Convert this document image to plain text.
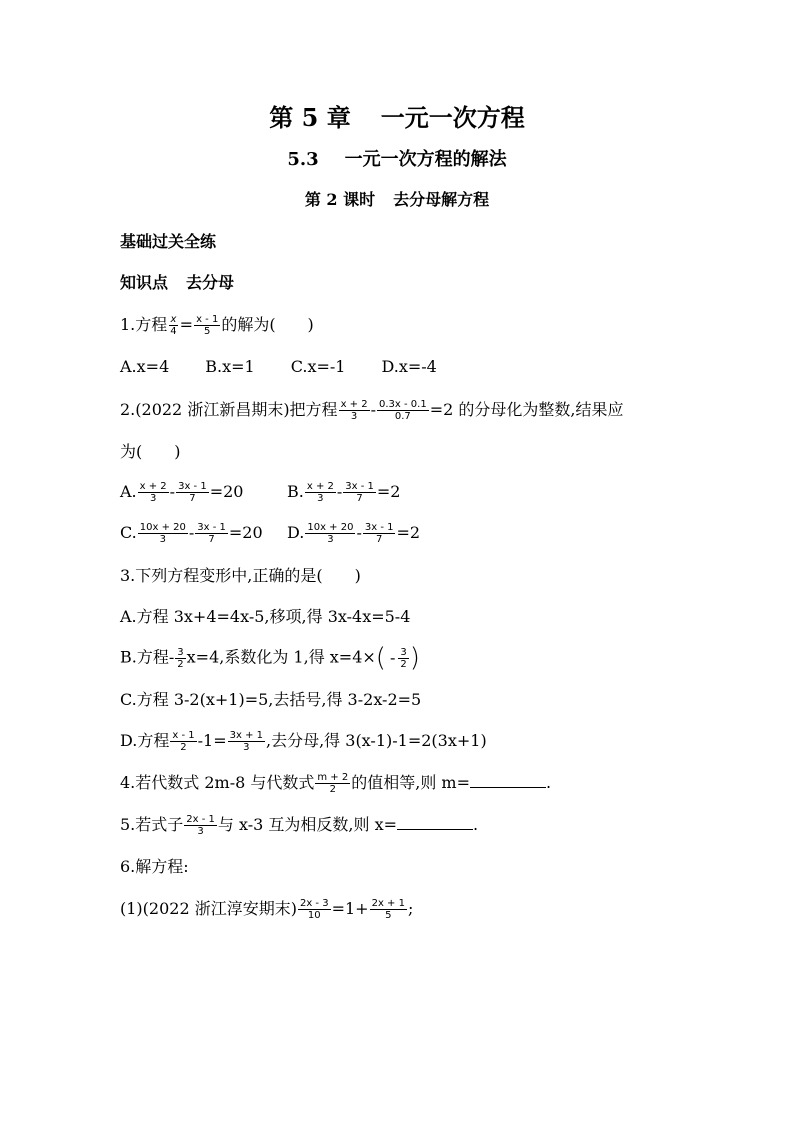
第 5 章 一元一次方程
5.3 一元一次方程的解法
第 2 课时 去分母解方程
基础过关全练
知识点 去分母
1.方程 $\frac{x}{4} = \frac{x - 1}{5}$ 的解为(　　)
A.x=4 B.x=1 C.x=-1 D.x=-4
2.(2022 浙江新昌期末)把方程 $\frac{x + 2}{3} - \frac{0.3x - 0.1}{0.7} =2$ 的分母化为整数,结果应
为(　　)
A. $\frac{x + 2}{3} - \frac{3x - 1}{7} =20$	B. $\frac{x + 2}{3} - \frac{3x - 1}{7} =2$
C. $\frac{10x + 20}{3} - \frac{3x - 1}{7} =20$ D. $\frac{10x + 20}{3} - \frac{3x - 1}{7} =2$
3.下列方程变形中,正确的是(　　)
A.方程 3x+4=4x-5,移项,得 3x-4x=5-4
B.方程- $\frac{3}{2} x=4$,系数化为 1,得 $x=4\times( - \frac{3}{2}$ )
C.方程 3-2(x+1)=5,去括号,得 3-2x-2=5
D.方程 $\frac{x - 1}{2} -1= \frac{3x + 1}{3}$ ,去分母,得 3(x-1)-1=2(3x+1)
4.若代数式 2m-8 与代数式 $\frac{m + 2}{2}$ 的值相等,则 m=	.
5.若式子 $\frac{2x - 1}{3}$ 与 x-3 互为相反数,则 x=	.
6.解方程:
(1)(2022 浙江淳安期末) $\frac{2x - 3}{10} =1+ \frac{2x + 1}{5}$ ;
